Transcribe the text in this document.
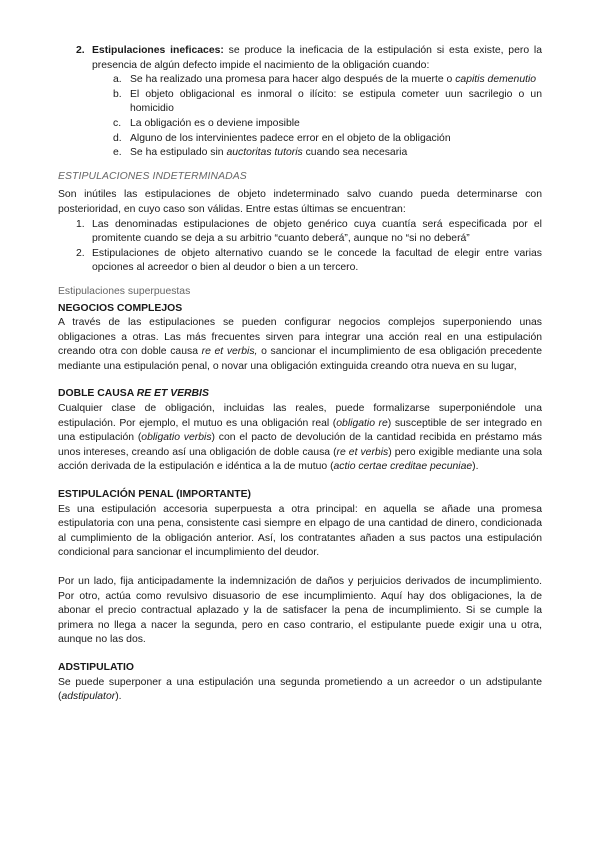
2. Estipulaciones ineficaces: se produce la ineficacia de la estipulación si esta existe, pero la presencia de algún defecto impide el nacimiento de la obligación cuando:
a. Se ha realizado una promesa para hacer algo después de la muerte o capitis demenutio
b. El objeto obligacional es inmoral o ilícito: se estipula cometer uun sacrilegio o un homicidio
c. La obligación es o deviene imposible
d. Alguno de los intervinientes padece error en el objeto de la obligación
e. Se ha estipulado sin auctoritas tutoris cuando sea necesaria
ESTIPULACIONES INDETERMINADAS

Son inútiles las estipulaciones de objeto indeterminado salvo cuando pueda determinarse con posterioridad, en cuyo caso son válidas. Entre estas últimas se encuentran:

1. Las denominadas estipulaciones de objeto genérico cuya cuantía será especificada por el promitente cuando se deja a su arbitrio “cuanto deberá”, aunque no “si no deberá”
2. Estipulaciones de objeto alternativo cuando se le concede la facultad de elegir entre varias opciones al acreedor o bien al deudor o bien a un tercero.
Estipulaciones superpuestas
NEGOCIOS COMPLEJOS

A través de las estipulaciones se pueden configurar negocios complejos superponiendo unas obligaciones a otras. Las más frecuentes sirven para integrar una acción real en una estipulación creando otra con doble causa re et verbis, o sancionar el incumplimiento de esa obligación precedente mediante una estipulación penal, o novar una obligación extinguida creando otra nueva en su lugar,

DOBLE CAUSA RE ET VERBIS

Cualquier clase de obligación, incluidas las reales, puede formalizarse superponiéndole una estipulación. Por ejemplo, el mutuo es una obligación real (obligatio re) susceptible de ser integrado en una estipulación (obligatio verbis) con el pacto de devolución de la cantidad recibida en préstamo más unos intereses, creando así una obligación de doble causa (re et verbis) pero exigible mediante una sola acción derivada de la estipulación e idéntica a la de mutuo (actio certae creditae pecuniae).

ESTIPULACIÓN PENAL (IMPORTANTE)

Es una estipulación accesoria superpuesta a otra principal: en aquella se añade una promesa estipulatoria con una pena, consistente casi siempre en elpago de una cantidad de dinero, condicionada al cumplimiento de la obligación anterior. Así, los contratantes añaden a sus pactos una estipulación condicional para sancionar el incumplimiento del deudor.

Por un lado, fija anticipadamente la indemnización de daños y perjuicios derivados de incumplimiento. Por otro, actúa como revulsivo disuasorio de ese incumplimiento. Aquí hay dos obligaciones, la de abonar el precio contractual aplazado y la de satisfacer la pena de incumplimiento. Si se cumple la primera no llega a nacer la segunda, pero en caso contrario, el estipulante puede exigir una u otra, aunque no las dos.

ADSTIPULATIO

Se puede superponer a una estipulación una segunda prometiendo a un acreedor o un adstipulante (adstipulator).
